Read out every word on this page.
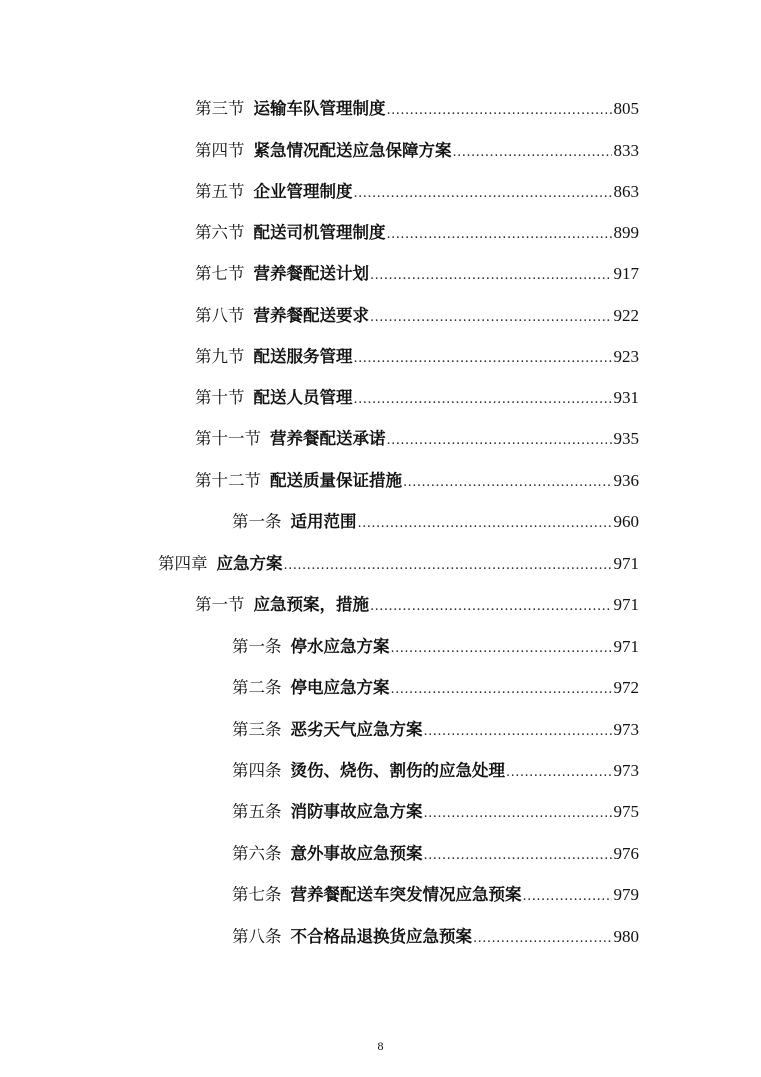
第三节 运输车队管理制度 .....	805
第四节 紧急情况配送应急保障方案 .....	833
第五节 企业管理制度 .....	863
第六节 配送司机管理制度 .....	899
第七节 营养餐配送计划 .....	917
第八节 营养餐配送要求 .....	922
第九节 配送服务管理 .....	923
第十节 配送人员管理 .....	931
第十一节 营养餐配送承诺 .....	935
第十二节 配送质量保证措施 .....	936
第一条 适用范围 .....	960
第四章 应急方案 .....	971
第一节 应急预案，措施 .....	971
第一条 停水应急方案 .....	971
第二条 停电应急方案 .....	972
第三条 恶劣天气应急方案 .....	973
第四条 烫伤、烧伤、割伤的应急处理 .....	973
第五条 消防事故应急方案 .....	975
第六条 意外事故应急预案 .....	976
第七条 营养餐配送车突发情况应急预案 .....	979
第八条 不合格品退换货应急预案 .....	980
8
